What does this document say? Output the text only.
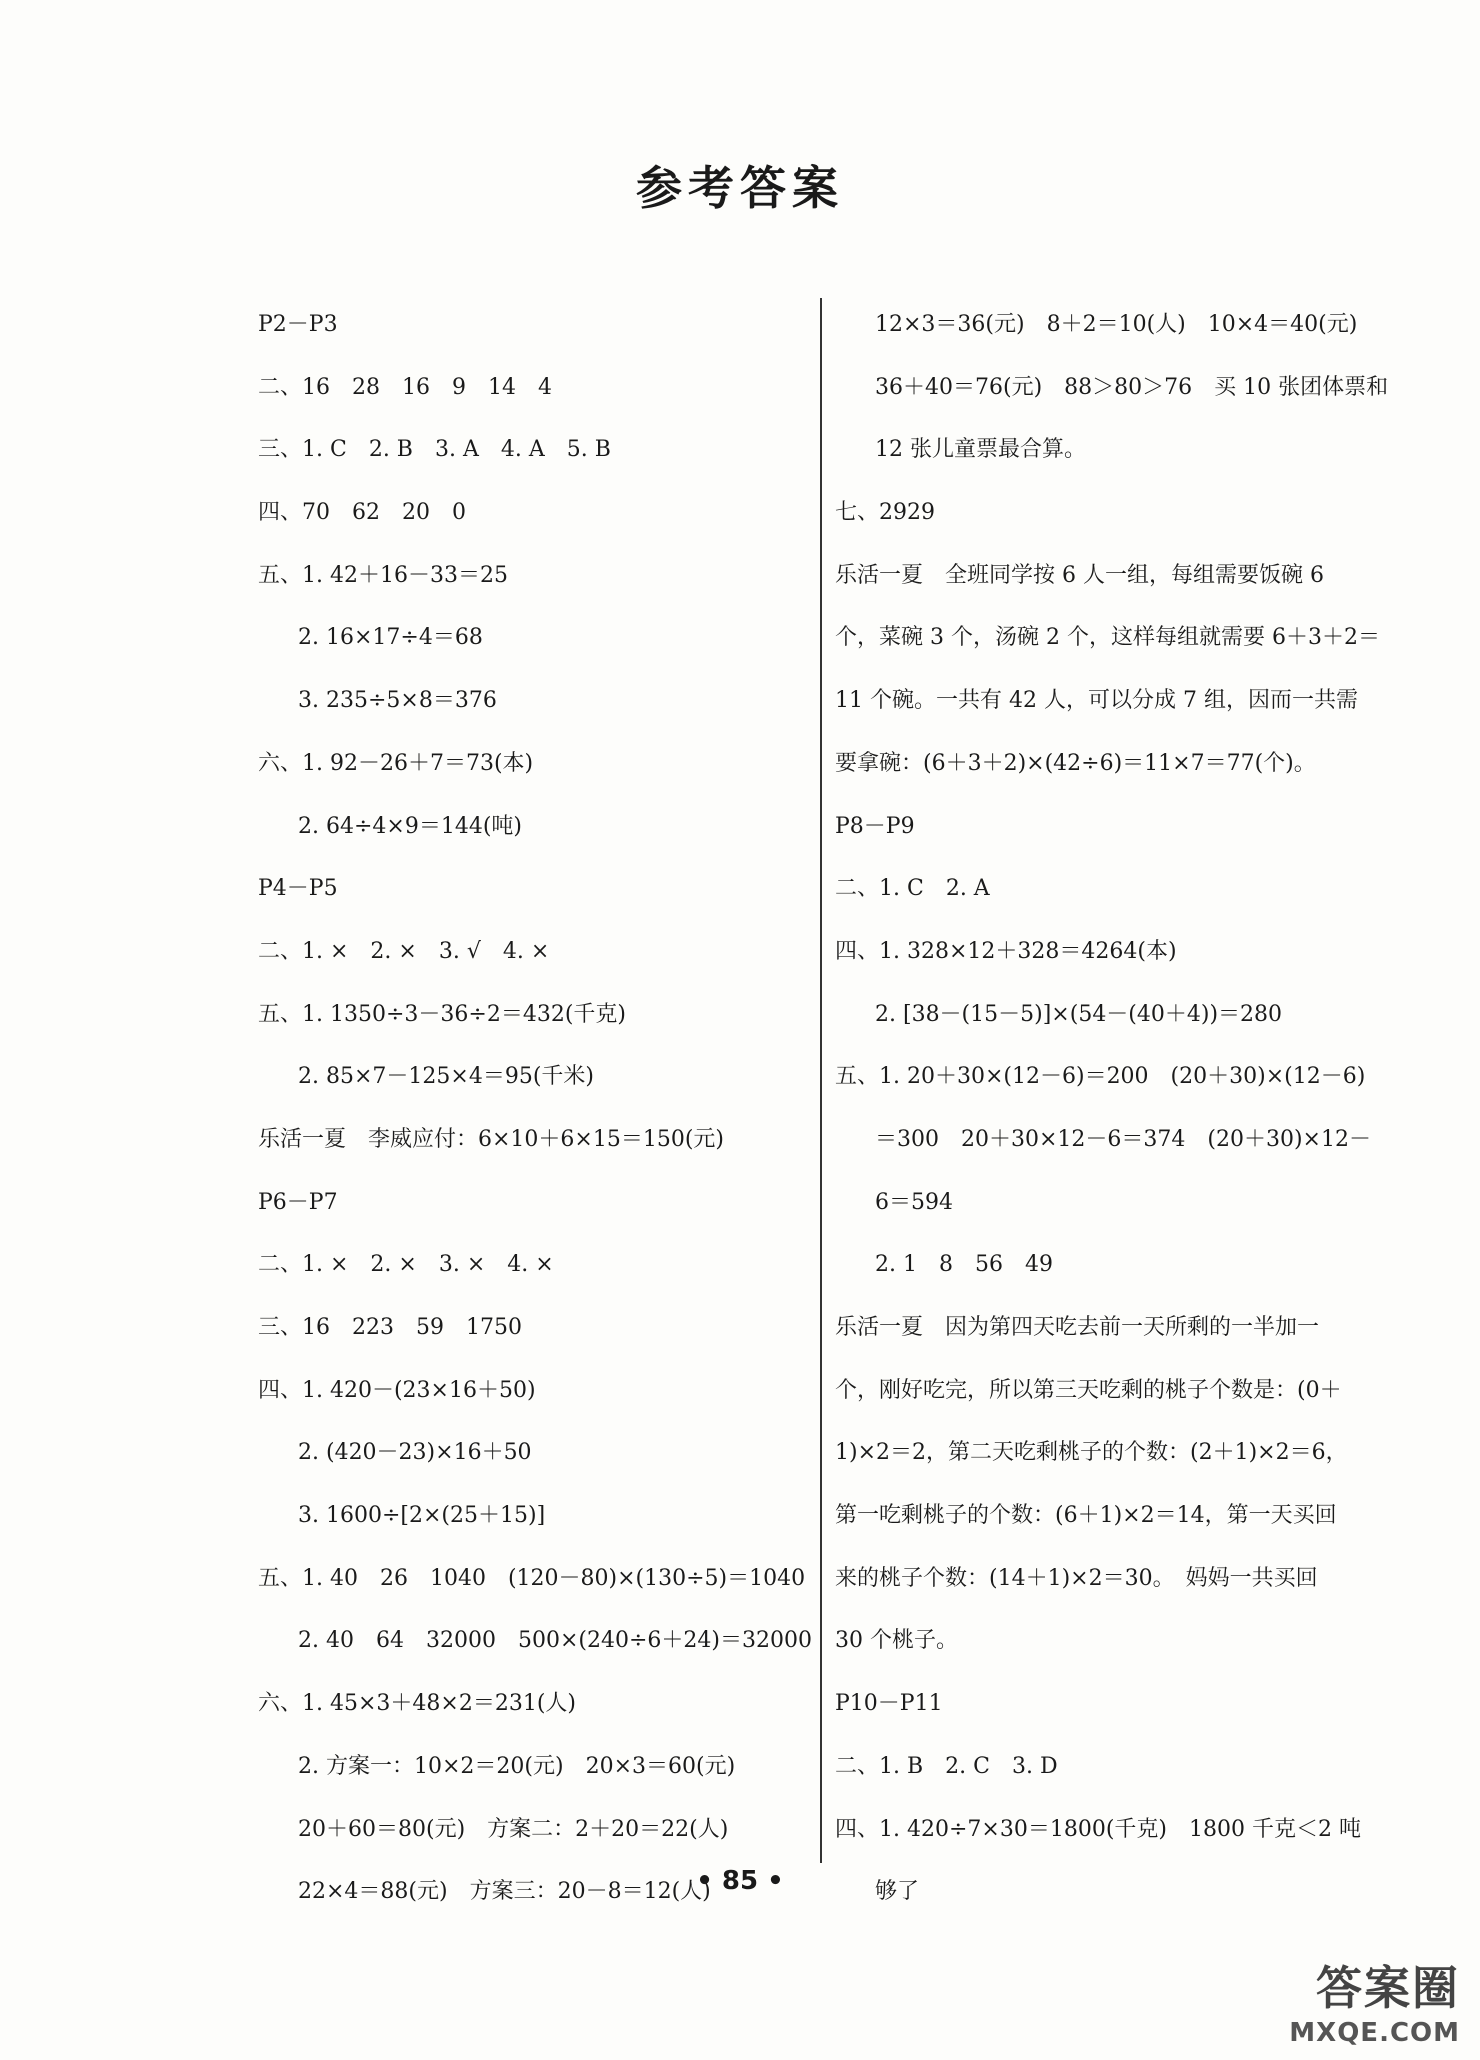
参考答案
P2－P3
二、16　28　16　9　14　4
三、1. C　2. B　3. A　4. A　5. B
四、70　62　20　0
五、1. 42＋16－33＝25
2. 16×17÷4＝68
3. 235÷5×8＝376
六、1. 92－26＋7＝73(本)
2. 64÷4×9＝144(吨)
P4－P5
二、1. ×　2. ×　3. √　4. ×
五、1. 1350÷3－36÷2＝432(千克)
2. 85×7－125×4＝95(千米)
乐活一夏　李威应付：6×10＋6×15＝150(元)
P6－P7
二、1. ×　2. ×　3. ×　4. ×
三、16　223　59　1750
四、1. 420－(23×16＋50)
2. (420－23)×16＋50
3. 1600÷[2×(25＋15)]
五、1. 40　26　1040　(120－80)×(130÷5)＝1040
2. 40　64　32000　500×(240÷6＋24)＝32000
六、1. 45×3＋48×2＝231(人)
2. 方案一：10×2＝20(元)　20×3＝60(元)
20＋60＝80(元)　方案二：2＋20＝22(人)
22×4＝88(元)　方案三：20－8＝12(人)
12×3＝36(元)　8＋2＝10(人)　10×4＝40(元)
36＋40＝76(元)　88＞80＞76　买 10 张团体票和
12 张儿童票最合算。
七、2929
乐活一夏　全班同学按 6 人一组，每组需要饭碗 6
个，菜碗 3 个，汤碗 2 个，这样每组就需要 6＋3＋2＝
11 个碗。一共有 42 人，可以分成 7 组，因而一共需
要拿碗：(6＋3＋2)×(42÷6)＝11×7＝77(个)。
P8－P9
二、1. C　2. A
四、1. 328×12＋328＝4264(本)
2. [38－(15－5)]×(54－(40＋4))＝280
五、1. 20＋30×(12－6)＝200　(20＋30)×(12－6)
＝300　20＋30×12－6＝374　(20＋30)×12－
6＝594
2. 1　8　56　49
乐活一夏　因为第四天吃去前一天所剩的一半加一
个，刚好吃完，所以第三天吃剩的桃子个数是：(0＋
1)×2＝2，第二天吃剩桃子的个数：(2＋1)×2＝6，
第一吃剩桃子的个数：(6＋1)×2＝14，第一天买回
来的桃子个数：(14＋1)×2＝30。　妈妈一共买回
30 个桃子。
P10－P11
二、1. B　2. C　3. D
四、1. 420÷7×30＝1800(千克)　1800 千克＜2 吨
够了
• 85 •
答案圈
MXQE.COM
